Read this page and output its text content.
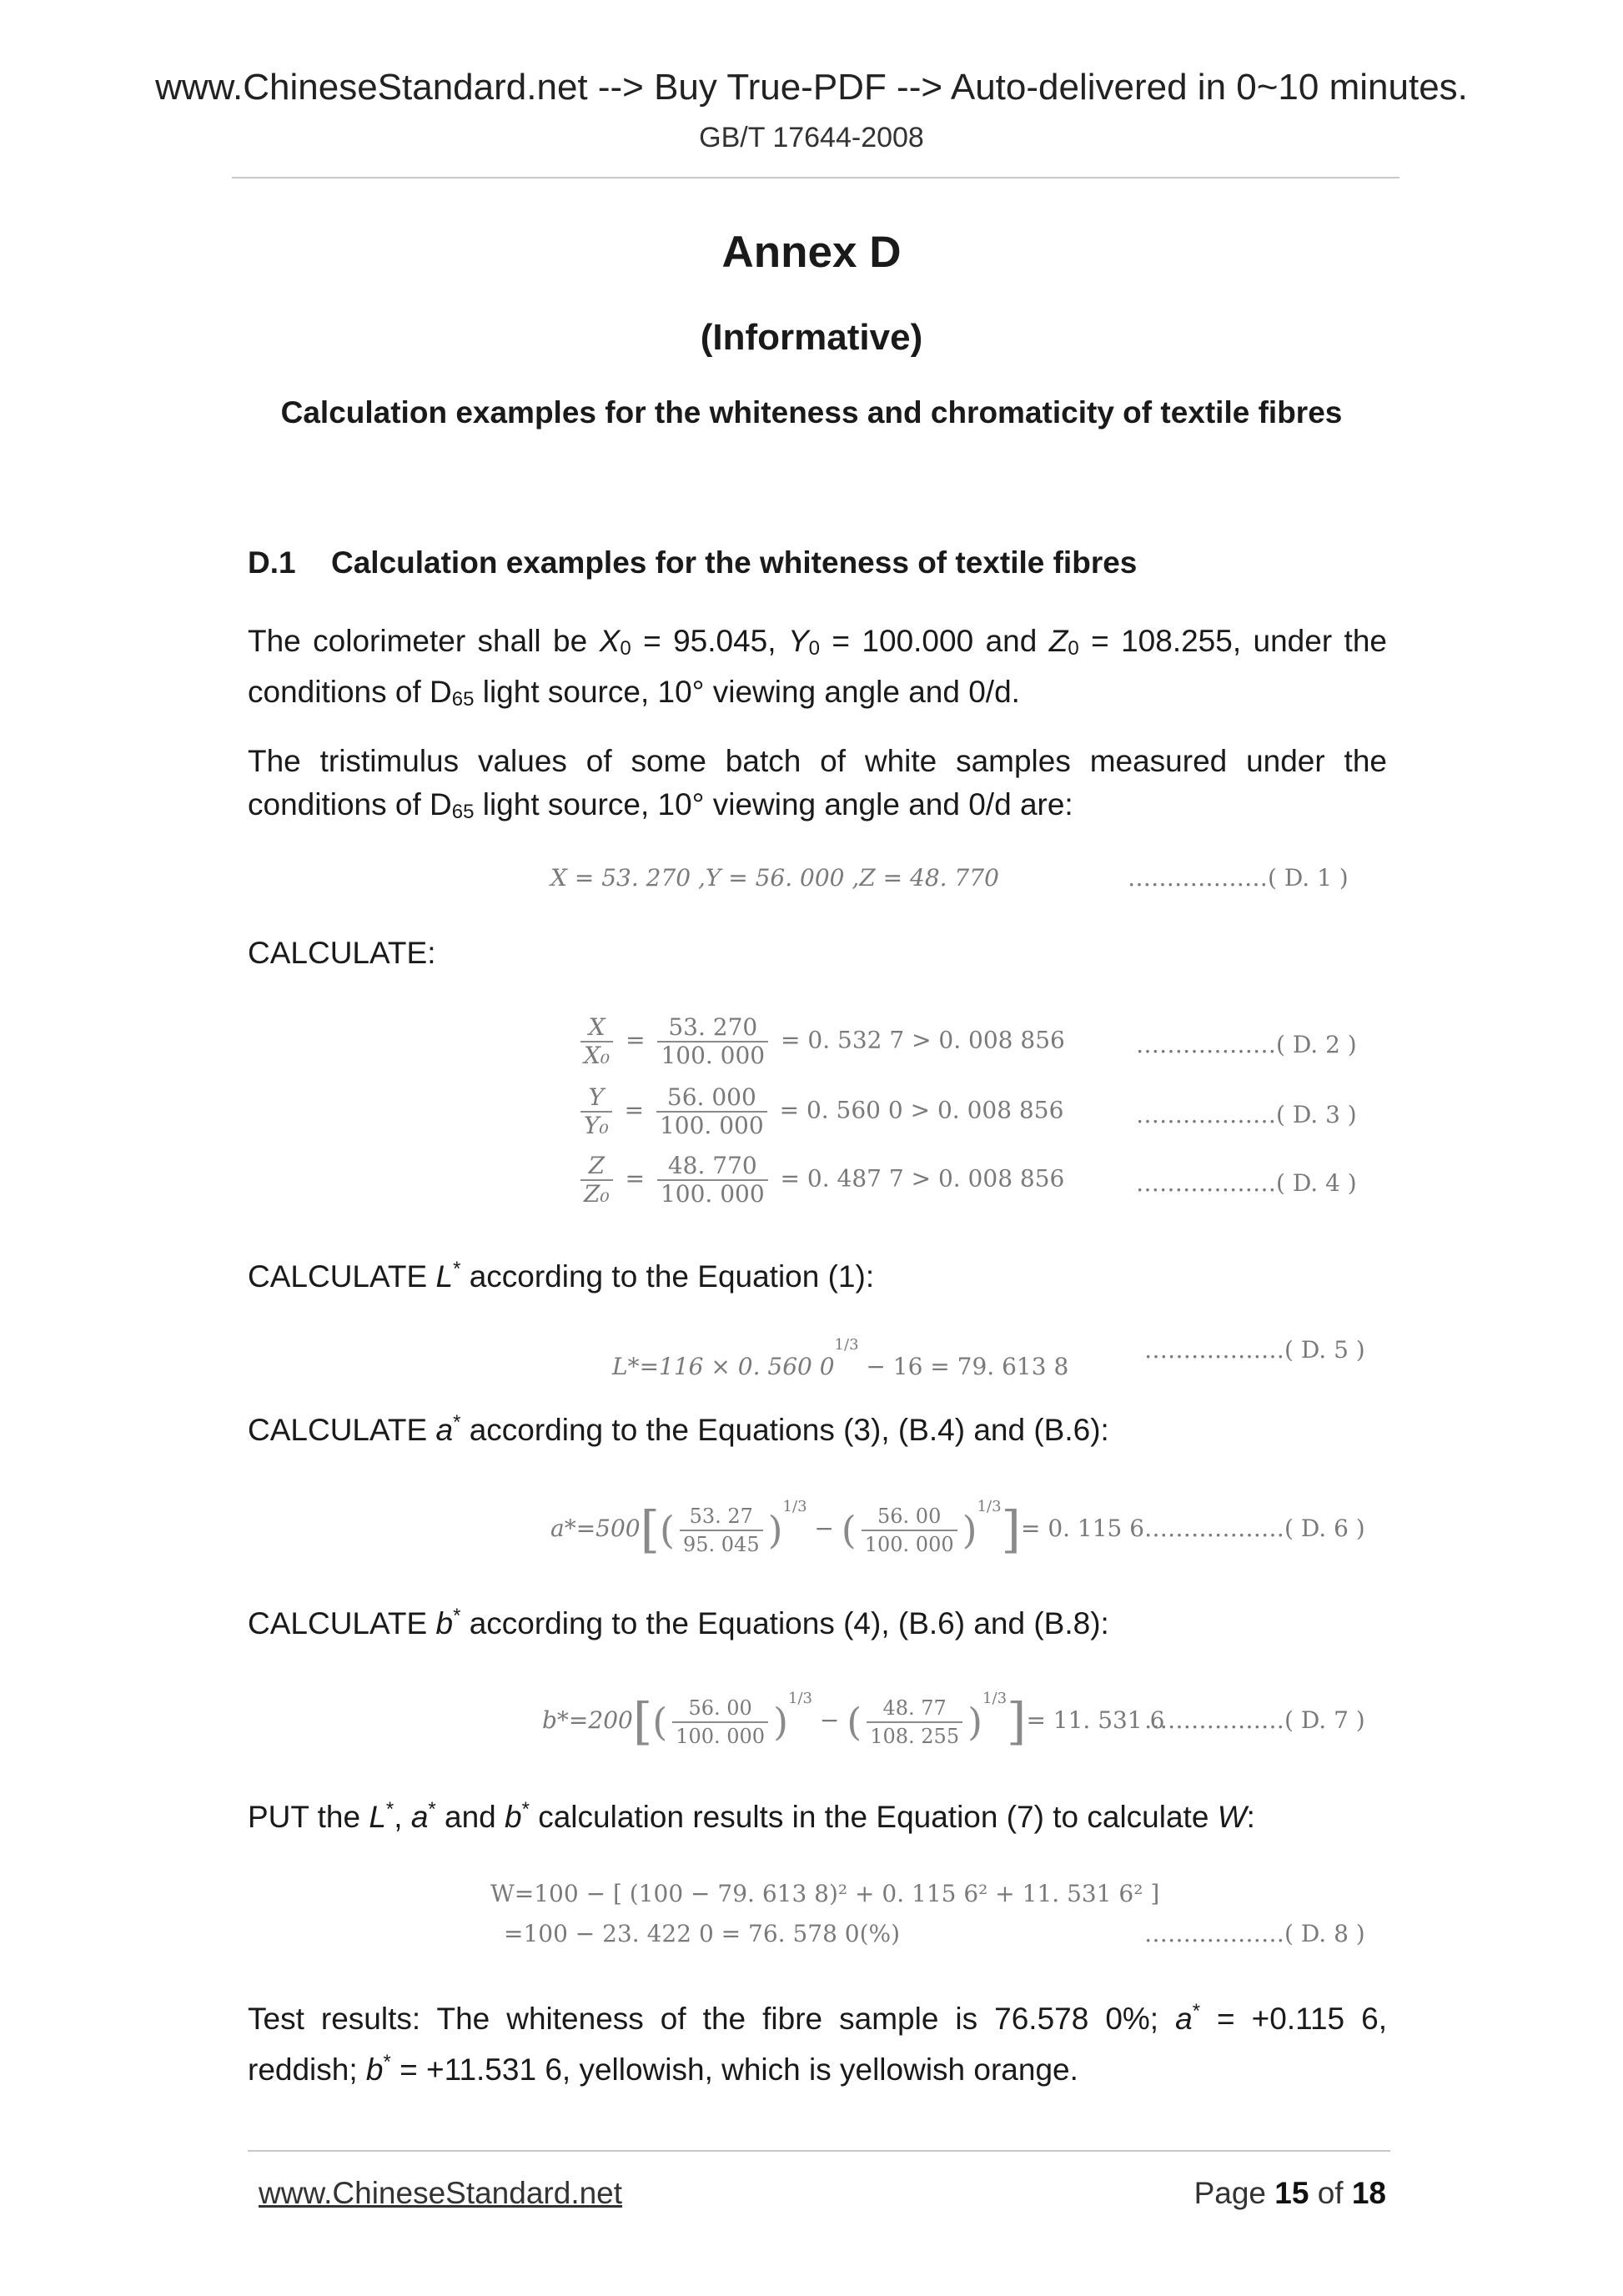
www.ChineseStandard.net --> Buy True-PDF --> Auto-delivered in 0~10 minutes.
GB/T 17644-2008
Annex D
(Informative)
Calculation examples for the whiteness and chromaticity of textile fibres
D.1 Calculation examples for the whiteness of textile fibres
The colorimeter shall be $X_0 = 95.045$, $Y_0 = 100.000$ and $Z_0 = 108.255$, under the conditions of $D_{65}$ light source, 10° viewing angle and 0/d.
The tristimulus values of some batch of white samples measured under the conditions of $D_{65}$ light source, 10° viewing angle and 0/d are:
X = 53. 270 ,Y = 56. 000 ,Z = 48. 770	………………( D. 1 )
CALCULATE:
$\frac{X}{\text{X₀}} = \frac{53. 270}{100. 000} = 0$. 532 7 > 0. 008 856	………………( D. 2 )
$\frac{Y}{\text{Y₀}} = \frac{56. 000}{100. 000} = 0$. 560 0 > 0. 008 856	………………( D. 3 )
$\frac{Z}{\text{Z₀}} = \frac{48. 770}{100. 000} = 0$. 487 7 > 0. 008 856	………………( D. 4 )
CALCULATE L* according to the Equation (1):
L*=116 × 0. 560 $0^{1/3} - 16 = 79$. 613 8
………………( D. 5 )
CALCULATE a* according to the Equations (3), (B.4) and (B.6):
$a*=500[( \frac{53. 27}{95. 045} )^{1/3}$ − ( $\frac{56. 00}{100. 000} )^{1/3}]= 0$. 115 6 ………………( D. 6 )
CALCULATE b* according to the Equations (4), (B.6) and (B.8):
$b*=200[( \frac{56. 00}{100. 000} )^{1/3}$ − ( $\frac{48. 77}{108. 255} )^{1/3}]= 11$. 531 6
………………( D. 7 )
PUT the L*, a* and b* calculation results in the Equation (7) to calculate W:
W=100 − [ (100 − 79. 613 8)² + 0. 115 6² + 11. 531 6² ]
=100 − 23. 422 0 = 76. 578 0(%)	………………( D. 8 )
Test results: The whiteness of the fibre sample is 76.578 0%; a* = +0.115 6, reddish; b* = +11.531 6, yellowish, which is yellowish orange.
www.ChineseStandard.net	Page 15 of 18
